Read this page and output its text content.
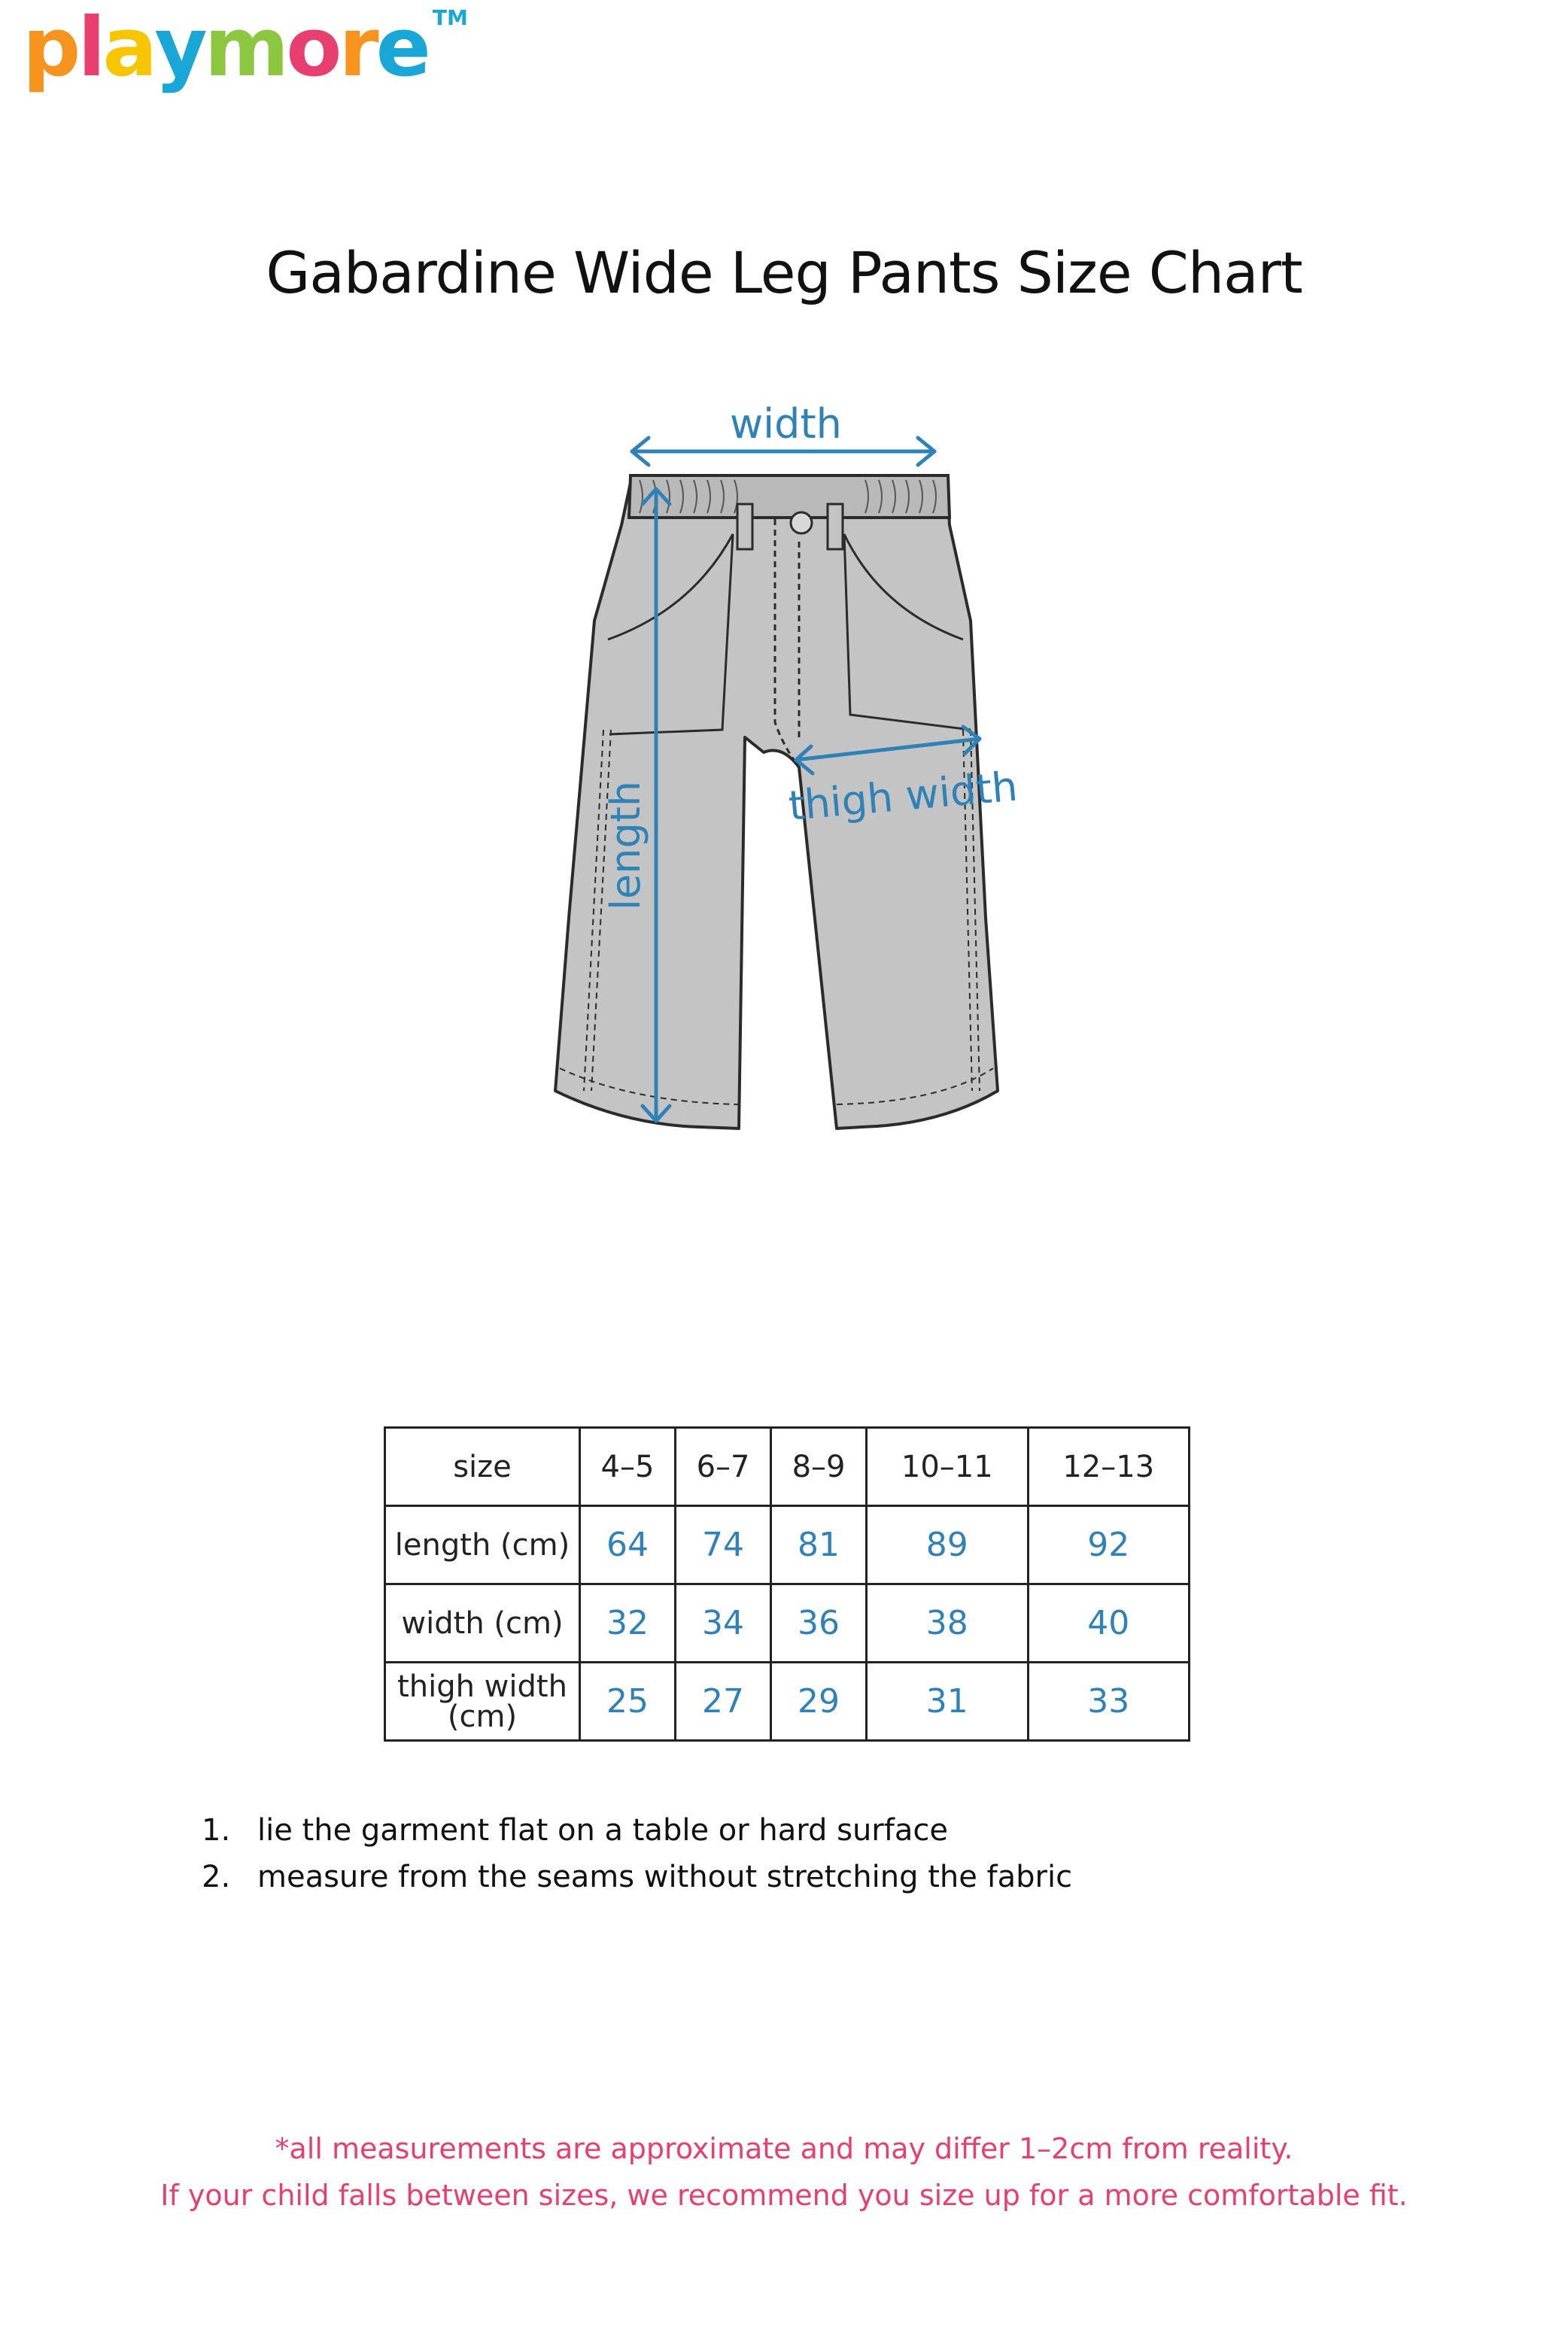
playmore TM
Gabardine Wide Leg Pants Size Chart
width
length	thigh width
size	4–5	6–7	8–9	10–11	12–13
length (cm)	64	74	81	89	92
width (cm)	32	34	36	38	40

thigh width
(cm)	25	27	29	31	33
1. lie the garment flat on a table or hard surface
2. measure from the seams without stretching the fabric
*all measurements are approximate and may differ 1–2cm from reality.
If your child falls between sizes, we recommend you size up for a more comfortable fit.
